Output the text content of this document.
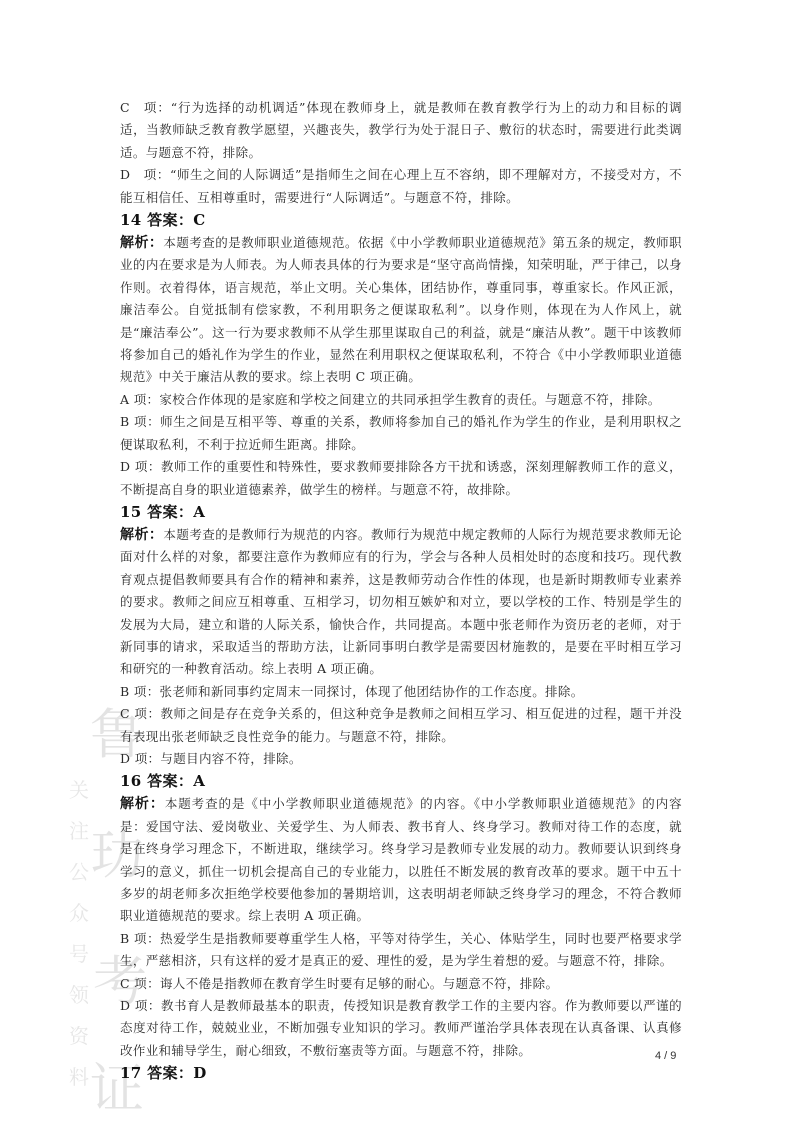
鲁
玏
考
证
关
注
公
众
号
领
资
料

C　项：“行为选择的动机调适”体现在教师身上，就是教师在教育教学行为上的动力和目标的调适，当教师缺乏教育教学愿望，兴趣丧失，教学行为处于混日子、敷衍的状态时，需要进行此类调适。与题意不符，排除。

D　项：“师生之间的人际调适”是指师生之间在心理上互不容纳，即不理解对方，不接受对方，不能互相信任、互相尊重时，需要进行“人际调适”。与题意不符，排除。

14 答案：C

解析：本题考查的是教师职业道德规范。依据《中小学教师职业道德规范》第五条的规定，教师职业的内在要求是为人师表。为人师表具体的行为要求是“坚守高尚情操，知荣明耻，严于律己，以身作则。衣着得体，语言规范，举止文明。关心集体，团结协作，尊重同事，尊重家长。作风正派，廉洁奉公。自觉抵制有偿家教，不利用职务之便谋取私利”。以身作则，体现在为人作风上，就是“廉洁奉公”。这一行为要求教师不从学生那里谋取自己的利益，就是“廉洁从教”。题干中该教师将参加自己的婚礼作为学生的作业，显然在利用职权之便谋取私利，不符合《中小学教师职业道德规范》中关于廉洁从教的要求。综上表明 C 项正确。

A 项：家校合作体现的是家庭和学校之间建立的共同承担学生教育的责任。与题意不符，排除。

B 项：师生之间是互相平等、尊重的关系，教师将参加自己的婚礼作为学生的作业，是利用职权之便谋取私利，不利于拉近师生距离。排除。

D 项：教师工作的重要性和特殊性，要求教师要排除各方干扰和诱惑，深刻理解教师工作的意义，不断提高自身的职业道德素养，做学生的榜样。与题意不符，故排除。

15 答案：A

解析：本题考查的是教师行为规范的内容。教师行为规范中规定教师的人际行为规范要求教师无论面对什么样的对象，都要注意作为教师应有的行为，学会与各种人员相处时的态度和技巧。现代教育观点提倡教师要具有合作的精神和素养，这是教师劳动合作性的体现，也是新时期教师专业素养的要求。教师之间应互相尊重、互相学习，切勿相互嫉妒和对立，要以学校的工作、特别是学生的发展为大局，建立和谐的人际关系，愉快合作，共同提高。本题中张老师作为资历老的老师，对于新同事的请求，采取适当的帮助方法，让新同事明白教学是需要因材施教的，是要在平时相互学习和研究的一种教育活动。综上表明 A 项正确。

B 项：张老师和新同事约定周末一同探讨，体现了他团结协作的工作态度。排除。

C 项：教师之间是存在竞争关系的，但这种竞争是教师之间相互学习、相互促进的过程，题干并没有表现出张老师缺乏良性竞争的能力。与题意不符，排除。

D 项：与题目内容不符，排除。

16 答案：A

解析：本题考查的是《中小学教师职业道德规范》的内容。《中小学教师职业道德规范》的内容是：爱国守法、爱岗敬业、关爱学生、为人师表、教书育人、终身学习。教师对待工作的态度，就是在终身学习理念下，不断进取，继续学习。终身学习是教师专业发展的动力。教师要认识到终身学习的意义，抓住一切机会提高自己的专业能力，以胜任不断发展的教育改革的要求。题干中五十多岁的胡老师多次拒绝学校要他参加的暑期培训，这表明胡老师缺乏终身学习的理念，不符合教师职业道德规范的要求。综上表明 A 项正确。

B 项：热爱学生是指教师要尊重学生人格，平等对待学生，关心、体贴学生，同时也要严格要求学生，严慈相济，只有这样的爱才是真正的爱、理性的爱，是为学生着想的爱。与题意不符，排除。

C 项：诲人不倦是指教师在教育学生时要有足够的耐心。与题意不符，排除。

D 项：教书育人是教师最基本的职责，传授知识是教育教学工作的主要内容。作为教师要以严谨的态度对待工作，兢兢业业，不断加强专业知识的学习。教师严谨治学具体表现在认真备课、认真修改作业和辅导学生，耐心细致，不敷衍塞责等方面。与题意不符，排除。

17 答案：D
4 / 9
